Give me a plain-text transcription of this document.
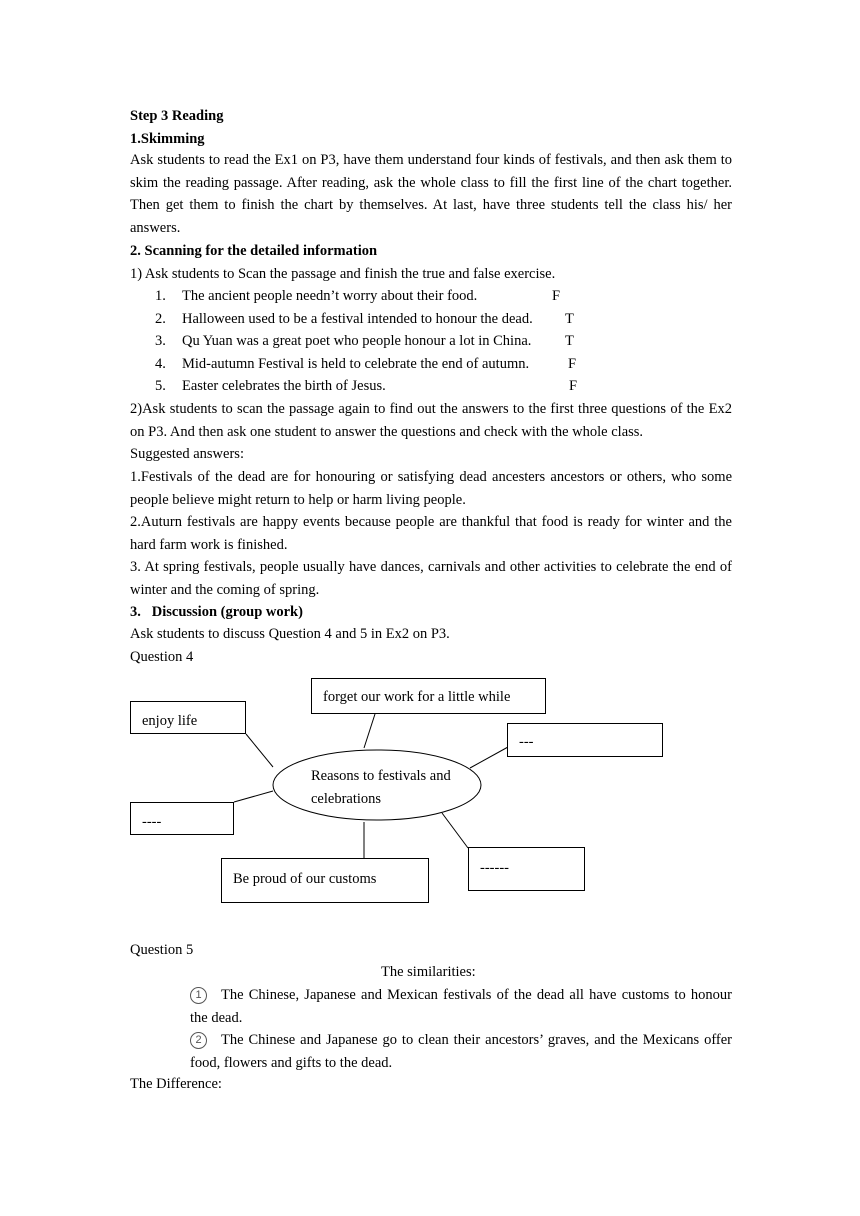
Step 3 Reading
1.Skimming
Ask students to read the Ex1 on P3, have them understand four kinds of festivals, and then ask them to skim the reading passage. After reading, ask the whole class to fill the first line of the chart together. Then get them to finish the chart by themselves. At last, have three students tell the class his/ her answers.
2. Scanning for the detailed information
1) Ask students to Scan the passage and finish the true and false exercise.
1. The ancient people needn’t worry about their food.	F
2. Halloween used to be a festival intended to honour the dead. T
3. Qu Yuan was a great poet who people honour a lot in China. T
4. Mid-autumn Festival is held to celebrate the end of autumn.	F
5. Easter celebrates the birth of Jesus.	F
2)Ask students to scan the passage again to find out the answers to the first three questions of the Ex2 on P3. And then ask one student to answer the questions and check with the whole class.
Suggested answers:
1.Festivals of the dead are for honouring or satisfying dead ancesters ancestors or others, who some people believe might return to help or harm living people.
2.Auturn festivals are happy events because people are thankful that food is ready for winter and the hard farm work is finished.
3. At spring festivals, people usually have dances, carnivals and other activities to celebrate the end of winter and the coming of spring.
3.   Discussion (group work)
Ask students to discuss Question 4 and 5 in Ex2 on P3.
Question 4
forget our work for a little while
enjoy life
---
----
Be proud of our customs
------
Reasons to festivals and celebrations
Question 5
The similarities:
1 The Chinese, Japanese and Mexican festivals of the dead all have customs to honour the dead.
2 The Chinese and Japanese go to clean their ancestors’ graves, and the Mexicans offer food, flowers and gifts to the dead.
The Difference:
